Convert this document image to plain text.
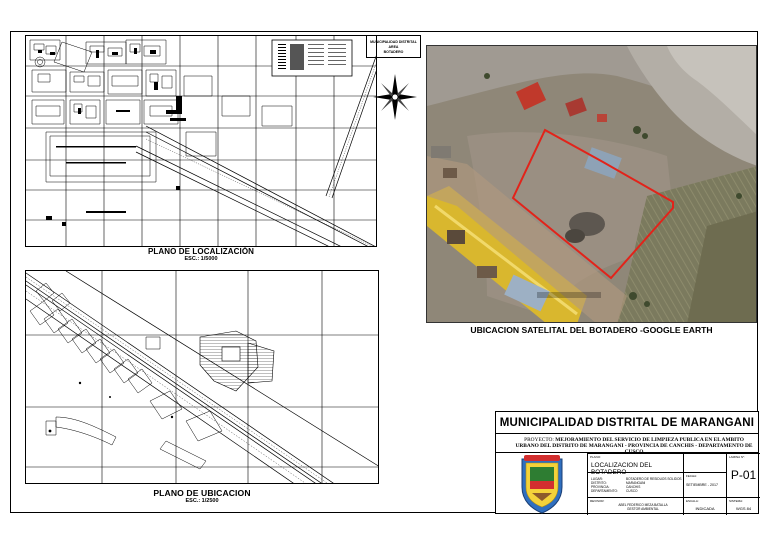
PLANO DE LOCALIZACIÓN
ESC.: 1/5000
MUNICIPALIDAD DISTRITAL
AREA
BOTADERO
PLANO DE UBICACION
ESC.: 1/2500
UBICACION SATELITAL DEL BOTADERO -GOOGLE EARTH
MUNICIPALIDAD DISTRITAL DE MARANGANI
PROYECTO: MEJORAMIENTO DEL SERVICIO DE LIMPIEZA PUBLICA EN EL AMBITO URBANO DEL DISTRITO DE MARANGANI - PROVINCIA DE CANCHIS - DEPARTAMENTO DE CUSCO
PLANO:
LOCALIZACION DEL BOTADERO
LUGAR:
DISTRITO:
PROVINCIA:
DEPARTAMENTO:
BOTADERO DE RESIDUOS SOLIDOS
MARANGANI
CANCHIS
CUSCO
FECHA:
SETIEMBRE - 2017
LAMINA N°:
P-01
REVISOR:
ABEL FEDERICO MEZA BATALLA
GESTOR AMBIENTAL
ESCALA:
INDICADA
SISTEMA:
WGS 84
